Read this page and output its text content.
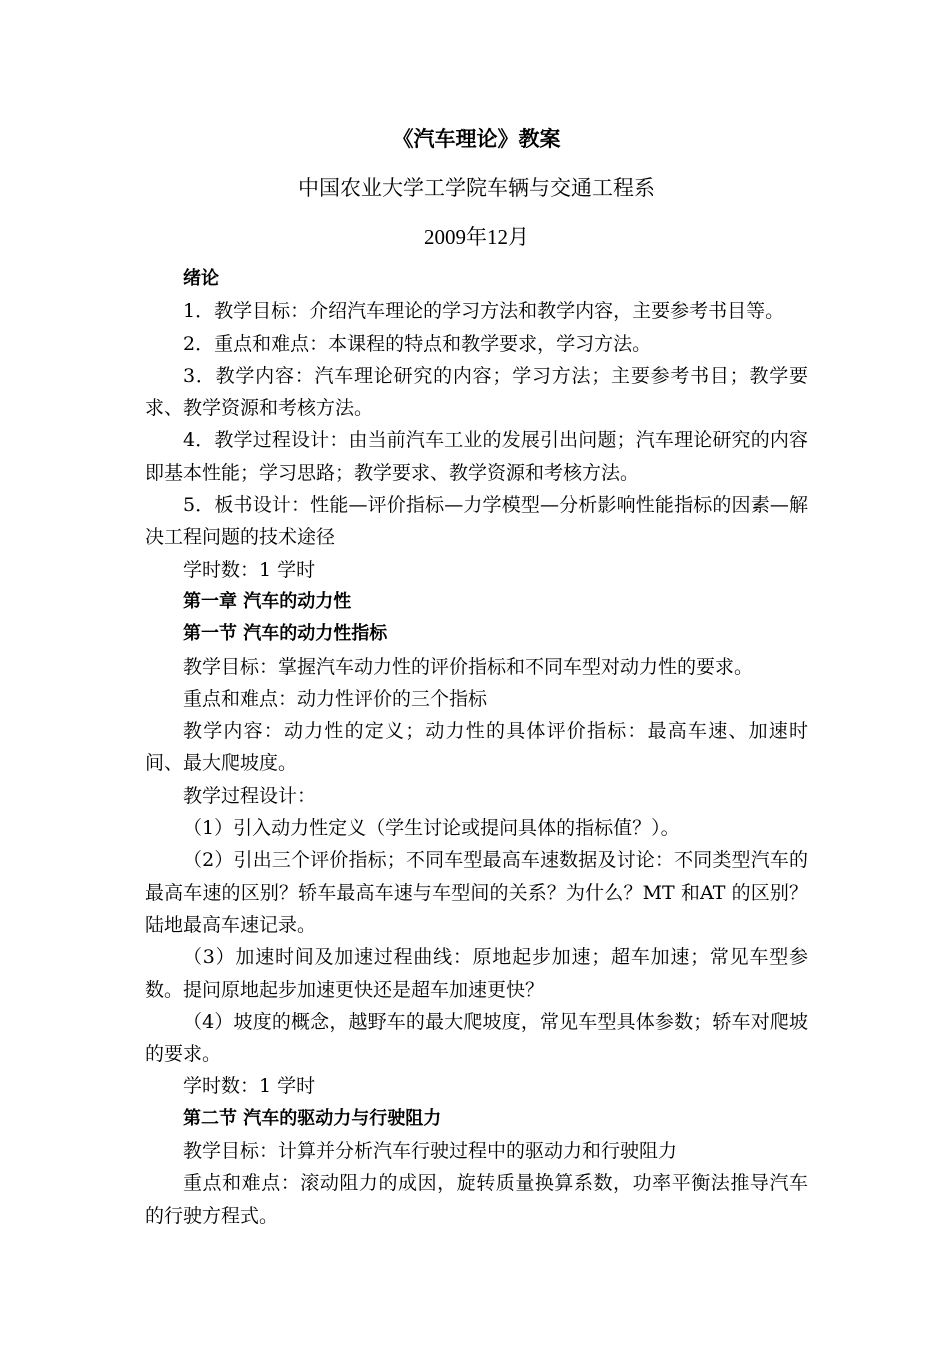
《汽车理论》教案
中国农业大学工学院车辆与交通工程系
2009年12月

绪论

1．教学目标：介绍汽车理论的学习方法和教学内容，主要参考书目等。

2．重点和难点：本课程的特点和教学要求，学习方法。

3．教学内容：汽车理论研究的内容；学习方法；主要参考书目；教学要求、教学资源和考核方法。

4．教学过程设计：由当前汽车工业的发展引出问题；汽车理论研究的内容即基本性能；学习思路；教学要求、教学资源和考核方法。

5．板书设计：性能—评价指标—力学模型—分析影响性能指标的因素—解决工程问题的技术途径

学时数：1 学时

第一章 汽车的动力性

第一节 汽车的动力性指标

教学目标：掌握汽车动力性的评价指标和不同车型对动力性的要求。

重点和难点：动力性评价的三个指标

教学内容：动力性的定义；动力性的具体评价指标：最高车速、加速时间、最大爬坡度。

教学过程设计：

（1）引入动力性定义（学生讨论或提问具体的指标值？）。

（2）引出三个评价指标；不同车型最高车速数据及讨论：不同类型汽车的最高车速的区别？轿车最高车速与车型间的关系？为什么？MT 和AT 的区别？陆地最高车速记录。

（3）加速时间及加速过程曲线：原地起步加速；超车加速；常见车型参数。提问原地起步加速更快还是超车加速更快？

（4）坡度的概念，越野车的最大爬坡度，常见车型具体参数；轿车对爬坡的要求。

学时数：1 学时

第二节 汽车的驱动力与行驶阻力

教学目标：计算并分析汽车行驶过程中的驱动力和行驶阻力

重点和难点：滚动阻力的成因，旋转质量换算系数，功率平衡法推导汽车的行驶方程式。
